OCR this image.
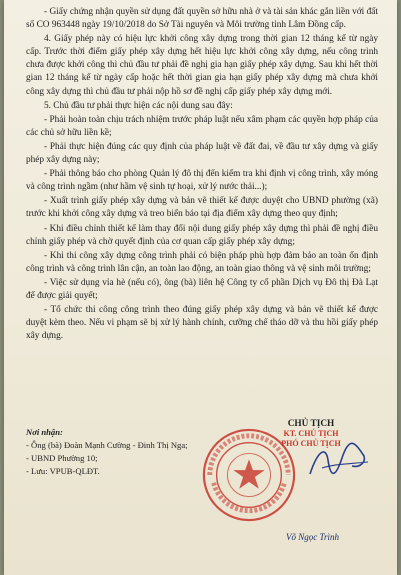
- Giấy chứng nhận quyền sử dụng đất quyền sở hữu nhà ở và tài sản khác gắn liền với đất số CO 963448 ngày 19/10/2018 do Sở Tài nguyên và Môi trường tỉnh Lâm Đồng cấp.

4. Giấy phép này có hiệu lực khởi công xây dựng trong thời gian 12 tháng kể từ ngày cấp. Trước thời điểm giấy phép xây dựng hết hiệu lực khởi công xây dựng, nếu công trình chưa được khởi công thì chủ đầu tư phải đề nghị gia hạn giấy phép xây dựng. Sau khi hết thời gian 12 tháng kể từ ngày cấp hoặc hết thời gian gia hạn giấy phép xây dựng mà chưa khởi công xây dựng thì chủ đầu tư phải nộp hồ sơ đề nghị cấp giấy phép xây dựng mới.

5. Chủ đầu tư phải thực hiện các nội dung sau đây:

- Phải hoàn toàn chịu trách nhiệm trước pháp luật nếu xâm phạm các quyền hợp pháp của các chủ sở hữu liền kề;

- Phải thực hiện đúng các quy định của pháp luật về đất đai, về đầu tư xây dựng và giấy phép xây dựng này;

- Phải thông báo cho phòng Quản lý đô thị đến kiểm tra khi định vị công trình, xây móng và công trình ngầm (như hầm vệ sinh tự hoại, xử lý nước thải...);

- Xuất trình giấy phép xây dựng và bản vẽ thiết kế được duyệt cho UBND phường (xã) trước khi khởi công xây dựng và treo biển báo tại địa điểm xây dựng theo quy định;

- Khi điều chỉnh thiết kế làm thay đổi nội dung giấy phép xây dựng thì phải đề nghị điều chỉnh giấy phép và chờ quyết định của cơ quan cấp giấy phép xây dựng;

- Khi thi công xây dựng công trình phải có biện pháp phù hợp đảm bảo an toàn ổn định công trình và công trình lân cận, an toàn lao động, an toàn giao thông và vệ sinh môi trường;

- Việc sử dụng vỉa hè (nếu có), ông (bà) liên hệ Công ty cổ phần Dịch vụ Đô thị Đà Lạt để được giải quyết;

- Tổ chức thi công công trình theo đúng giấy phép xây dựng và bản vẽ thiết kế được duyệt kèm theo. Nếu vi phạm sẽ bị xử lý hành chính, cưỡng chế tháo dỡ và thu hồi giấy phép xây dựng.

Nơi nhận:
- Ông (bà) Đoàn Mạnh Cường - Đinh Thị Nga;
- UBND Phường 10;
- Lưu: VPUB-QLĐT.
CHỦ TỊCH
KT. CHỦ TỊCH
PHÓ CHỦ TỊCH
Võ Ngọc Trình
